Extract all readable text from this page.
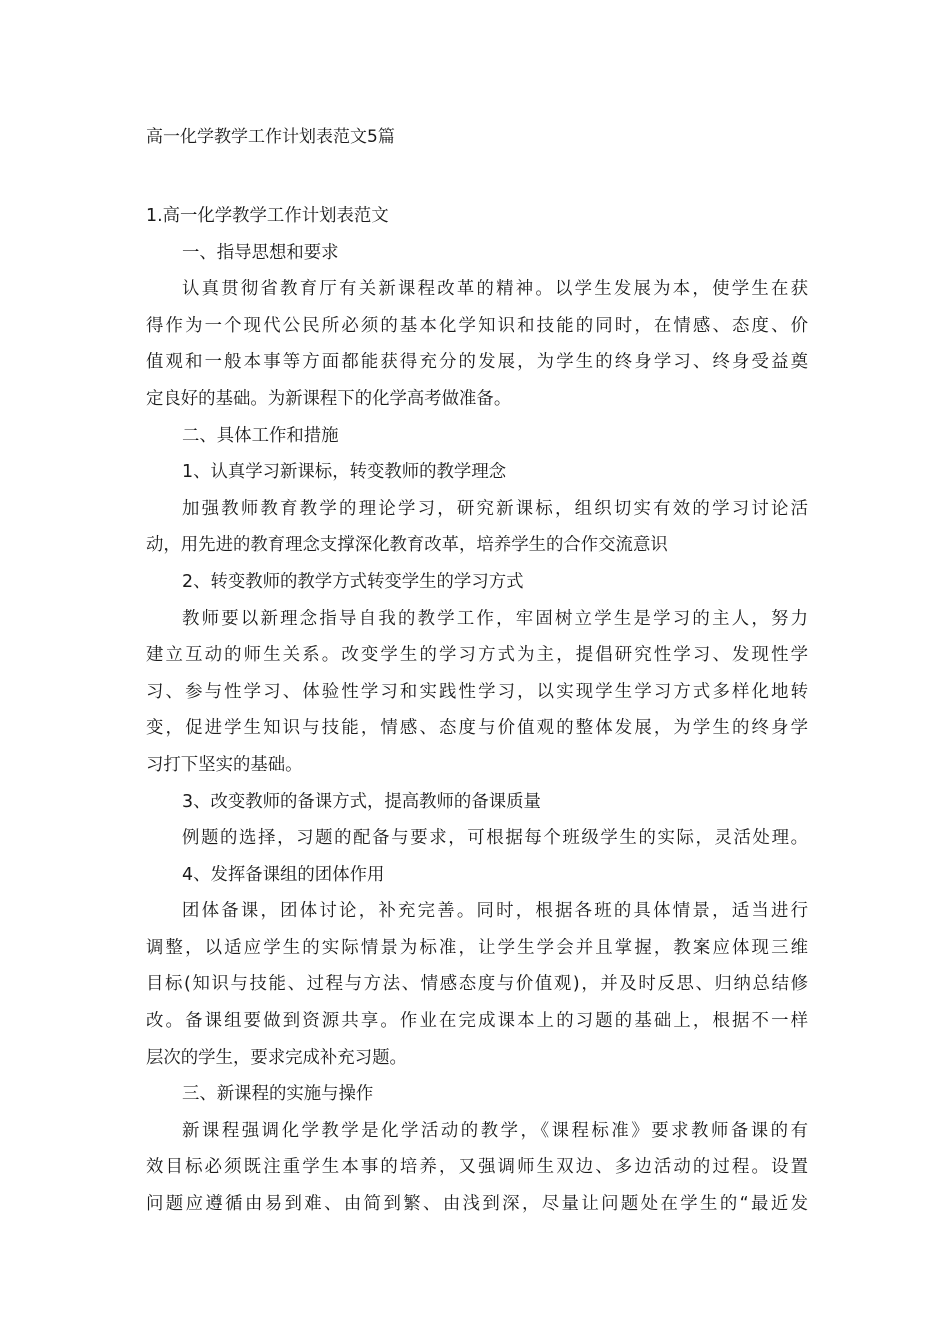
高一化学教学工作计划表范文5篇
1.高一化学教学工作计划表范文
一、指导思想和要求
认真贯彻省教育厅有关新课程改革的精神。以学生发展为本，使学生在获
得作为一个现代公民所必须的基本化学知识和技能的同时，在情感、态度、价
值观和一般本事等方面都能获得充分的发展，为学生的终身学习、终身受益奠
定良好的基础。为新课程下的化学高考做准备。
二、具体工作和措施
1、认真学习新课标，转变教师的教学理念
加强教师教育教学的理论学习，研究新课标，组织切实有效的学习讨论活
动，用先进的教育理念支撑深化教育改革，培养学生的合作交流意识
2、转变教师的教学方式转变学生的学习方式
教师要以新理念指导自我的教学工作，牢固树立学生是学习的主人，努力
建立互动的师生关系。改变学生的学习方式为主，提倡研究性学习、发现性学
习、参与性学习、体验性学习和实践性学习，以实现学生学习方式多样化地转
变，促进学生知识与技能，情感、态度与价值观的整体发展，为学生的终身学
习打下坚实的基础。
3、改变教师的备课方式，提高教师的备课质量
例题的选择，习题的配备与要求，可根据每个班级学生的实际，灵活处理。
4、发挥备课组的团体作用
团体备课，团体讨论，补充完善。同时，根据各班的具体情景，适当进行
调整，以适应学生的实际情景为标准，让学生学会并且掌握，教案应体现三维
目标(知识与技能、过程与方法、情感态度与价值观)，并及时反思、归纳总结修
改。备课组要做到资源共享。作业在完成课本上的习题的基础上，根据不一样
层次的学生，要求完成补充习题。
三、新课程的实施与操作
新课程强调化学教学是化学活动的教学，《课程标准》要求教师备课的有
效目标必须既注重学生本事的培养，又强调师生双边、多边活动的过程。设置
问题应遵循由易到难、由简到繁、由浅到深，尽量让问题处在学生的“最近发
